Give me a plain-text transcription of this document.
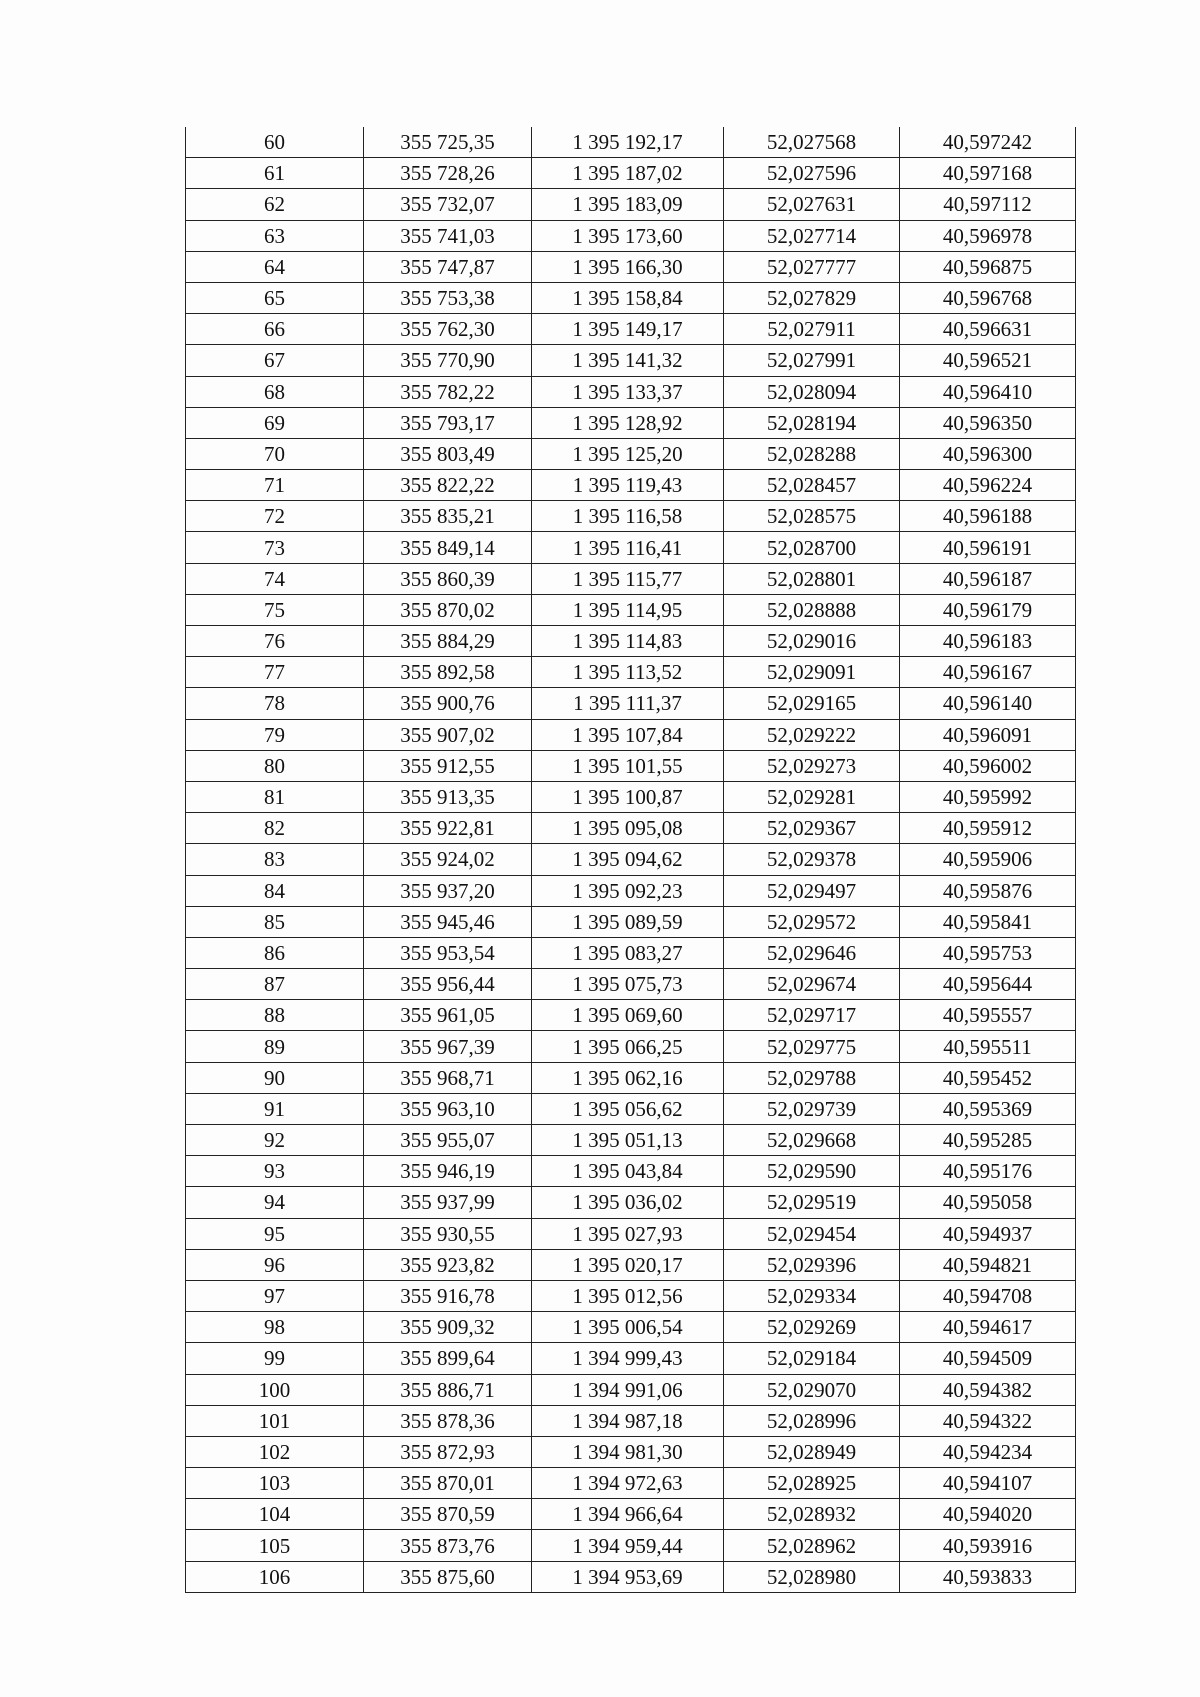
60	355 725,35	1 395 192,17	52,027568	40,597242
61	355 728,26	1 395 187,02	52,027596	40,597168
62	355 732,07	1 395 183,09	52,027631	40,597112
63	355 741,03	1 395 173,60	52,027714	40,596978
64	355 747,87	1 395 166,30	52,027777	40,596875
65	355 753,38	1 395 158,84	52,027829	40,596768
66	355 762,30	1 395 149,17	52,027911	40,596631
67	355 770,90	1 395 141,32	52,027991	40,596521
68	355 782,22	1 395 133,37	52,028094	40,596410
69	355 793,17	1 395 128,92	52,028194	40,596350
70	355 803,49	1 395 125,20	52,028288	40,596300
71	355 822,22	1 395 119,43	52,028457	40,596224
72	355 835,21	1 395 116,58	52,028575	40,596188
73	355 849,14	1 395 116,41	52,028700	40,596191
74	355 860,39	1 395 115,77	52,028801	40,596187
75	355 870,02	1 395 114,95	52,028888	40,596179
76	355 884,29	1 395 114,83	52,029016	40,596183
77	355 892,58	1 395 113,52	52,029091	40,596167
78	355 900,76	1 395 111,37	52,029165	40,596140
79	355 907,02	1 395 107,84	52,029222	40,596091
80	355 912,55	1 395 101,55	52,029273	40,596002
81	355 913,35	1 395 100,87	52,029281	40,595992
82	355 922,81	1 395 095,08	52,029367	40,595912
83	355 924,02	1 395 094,62	52,029378	40,595906
84	355 937,20	1 395 092,23	52,029497	40,595876
85	355 945,46	1 395 089,59	52,029572	40,595841
86	355 953,54	1 395 083,27	52,029646	40,595753
87	355 956,44	1 395 075,73	52,029674	40,595644
88	355 961,05	1 395 069,60	52,029717	40,595557
89	355 967,39	1 395 066,25	52,029775	40,595511
90	355 968,71	1 395 062,16	52,029788	40,595452
91	355 963,10	1 395 056,62	52,029739	40,595369
92	355 955,07	1 395 051,13	52,029668	40,595285
93	355 946,19	1 395 043,84	52,029590	40,595176
94	355 937,99	1 395 036,02	52,029519	40,595058
95	355 930,55	1 395 027,93	52,029454	40,594937
96	355 923,82	1 395 020,17	52,029396	40,594821
97	355 916,78	1 395 012,56	52,029334	40,594708
98	355 909,32	1 395 006,54	52,029269	40,594617
99	355 899,64	1 394 999,43	52,029184	40,594509
100	355 886,71	1 394 991,06	52,029070	40,594382
101	355 878,36	1 394 987,18	52,028996	40,594322
102	355 872,93	1 394 981,30	52,028949	40,594234
103	355 870,01	1 394 972,63	52,028925	40,594107
104	355 870,59	1 394 966,64	52,028932	40,594020
105	355 873,76	1 394 959,44	52,028962	40,593916
106	355 875,60	1 394 953,69	52,028980	40,593833
